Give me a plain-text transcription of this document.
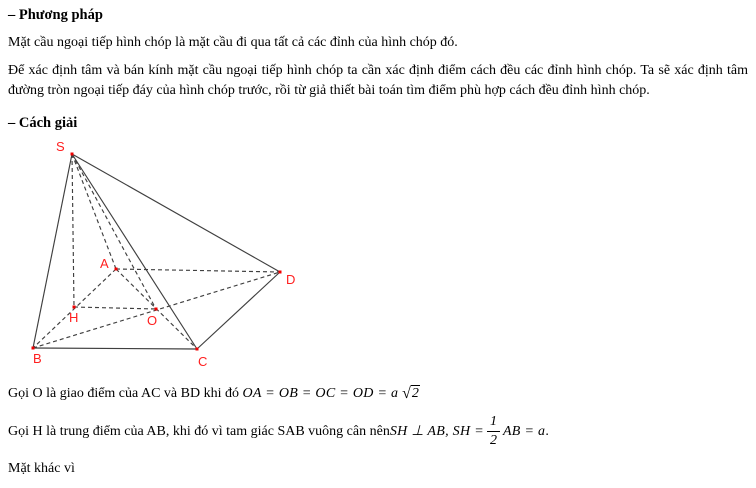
– Phương pháp

Mặt cầu ngoại tiếp hình chóp là mặt cầu đi qua tất cả các đỉnh của hình chóp đó.

Để xác định tâm và bán kính mặt cầu ngoại tiếp hình chóp ta cần xác định điểm cách đều các đỉnh hình chóp. Ta sẽ xác định tâm đường tròn ngoại tiếp đáy của hình chóp trước, rồi từ giả thiết bài toán tìm điểm phù hợp cách đều đỉnh hình chóp.

– Cách giải
S
A
B	C
D
H	O

Gọi O là giao điểm của AC và BD khi đó OA = OB = OC = OD = a √2

Gọi H là trung điểm của AB, khi đó vì tam giác SAB vuông cân nên SH ⊥ AB, SH = $\frac{1}{2}$ AB = a .

Mặt khác vì
